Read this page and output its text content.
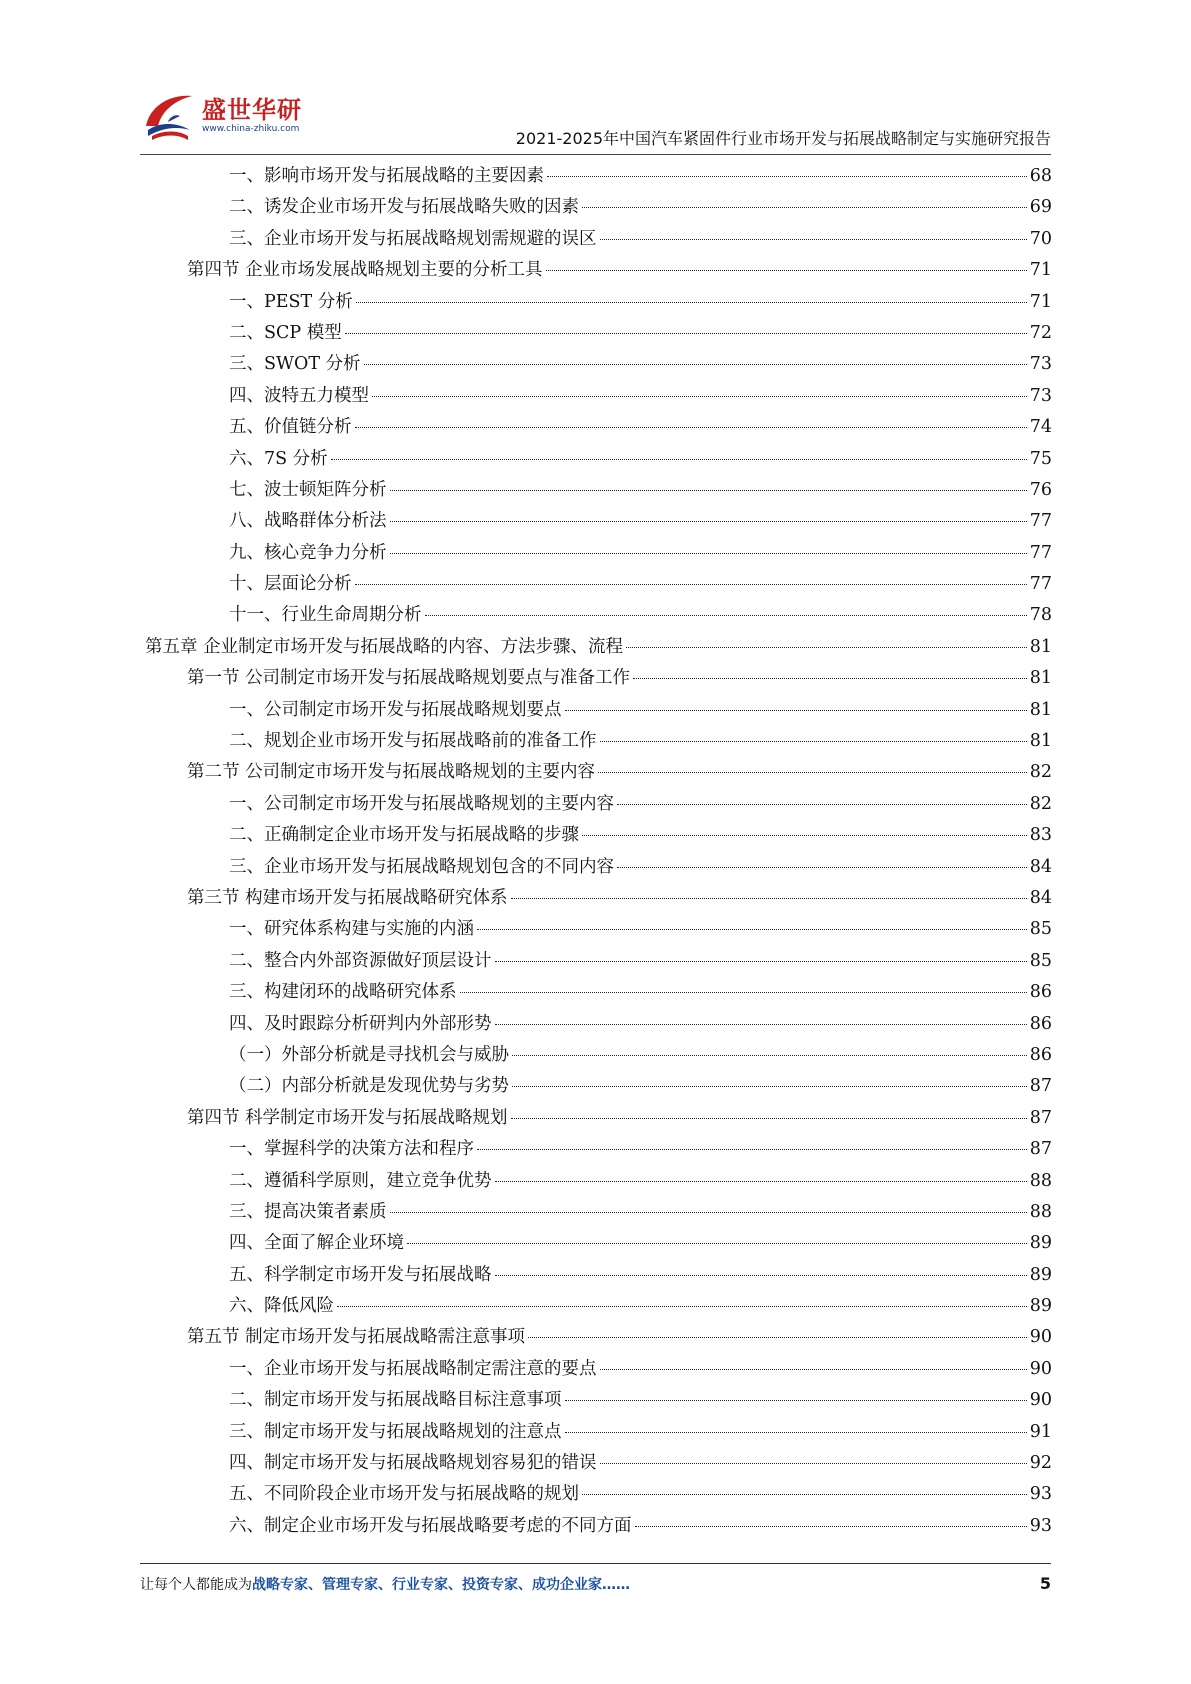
盛世华研
www.china-zhiku.com	2021-2025年中国汽车紧固件行业市场开发与拓展战略制定与实施研究报告
一、影响市场开发与拓展战略的主要因素	68
二、诱发企业市场开发与拓展战略失败的因素	69
三、企业市场开发与拓展战略规划需规避的误区	70
第四节 企业市场发展战略规划主要的分析工具	71
一、PEST 分析	71
二、SCP 模型	72
三、SWOT 分析	73
四、波特五力模型	73
五、价值链分析	74
六、7S 分析	75
七、波士顿矩阵分析	76
八、战略群体分析法	77
九、核心竞争力分析	77
十、层面论分析	77
十一、行业生命周期分析	78
第五章 企业制定市场开发与拓展战略的内容、方法步骤、流程	81
第一节 公司制定市场开发与拓展战略规划要点与准备工作	81
一、公司制定市场开发与拓展战略规划要点	81
二、规划企业市场开发与拓展战略前的准备工作	81
第二节 公司制定市场开发与拓展战略规划的主要内容	82
一、公司制定市场开发与拓展战略规划的主要内容	82
二、正确制定企业市场开发与拓展战略的步骤	83
三、企业市场开发与拓展战略规划包含的不同内容	84
第三节 构建市场开发与拓展战略研究体系	84
一、研究体系构建与实施的内涵	85
二、整合内外部资源做好顶层设计	85
三、构建闭环的战略研究体系	86
四、及时跟踪分析研判内外部形势	86
（一）外部分析就是寻找机会与威胁	86
（二）内部分析就是发现优势与劣势	87
第四节 科学制定市场开发与拓展战略规划	87
一、掌握科学的决策方法和程序	87
二、遵循科学原则，建立竞争优势	88
三、提高决策者素质	88
四、全面了解企业环境	89
五、科学制定市场开发与拓展战略	89
六、降低风险	89
第五节 制定市场开发与拓展战略需注意事项	90
一、企业市场开发与拓展战略制定需注意的要点	90
二、制定市场开发与拓展战略目标注意事项	90
三、制定市场开发与拓展战略规划的注意点	91
四、制定市场开发与拓展战略规划容易犯的错误	92
五、不同阶段企业市场开发与拓展战略的规划	93
六、制定企业市场开发与拓展战略要考虑的不同方面	93
让每个人都能成为战略专家、管理专家、行业专家、投资专家、成功企业家……	5
